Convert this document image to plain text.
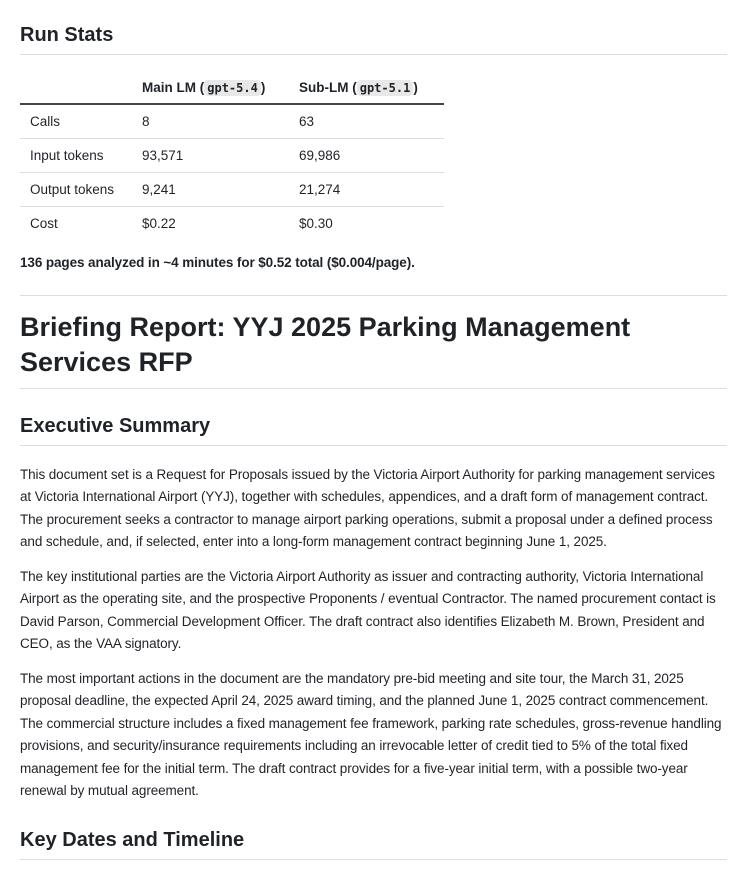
Run Stats
	Main LM ( gpt-5.4 )	Sub-LM ( gpt-5.1 )
Calls	8	63
Input tokens	93,571	69,986
Output tokens	9,241	21,274
Cost	$0.22	$0.30

136 pages analyzed in ~4 minutes for $0.52 total ($0.004/page).

Briefing Report: YYJ 2025 Parking Management Services RFP
Executive Summary

This document set is a Request for Proposals issued by the Victoria Airport Authority for parking management services at Victoria International Airport (YYJ), together with schedules, appendices, and a draft form of management contract. The procurement seeks a contractor to manage airport parking operations, submit a proposal under a defined process and schedule, and, if selected, enter into a long-form management contract beginning June 1, 2025.

The key institutional parties are the Victoria Airport Authority as issuer and contracting authority, Victoria International Airport as the operating site, and the prospective Proponents / eventual Contractor. The named procurement contact is David Parson, Commercial Development Officer. The draft contract also identifies Elizabeth M. Brown, President and CEO, as the VAA signatory.

The most important actions in the document are the mandatory pre-bid meeting and site tour, the March 31, 2025 proposal deadline, the expected April 24, 2025 award timing, and the planned June 1, 2025 contract commencement. The commercial structure includes a fixed management fee framework, parking rate schedules, gross-revenue handling provisions, and security/insurance requirements including an irrevocable letter of credit tied to 5% of the total fixed management fee for the initial term. The draft contract provides for a five-year initial term, with a possible two-year renewal by mutual agreement.

Key Dates and Timeline
